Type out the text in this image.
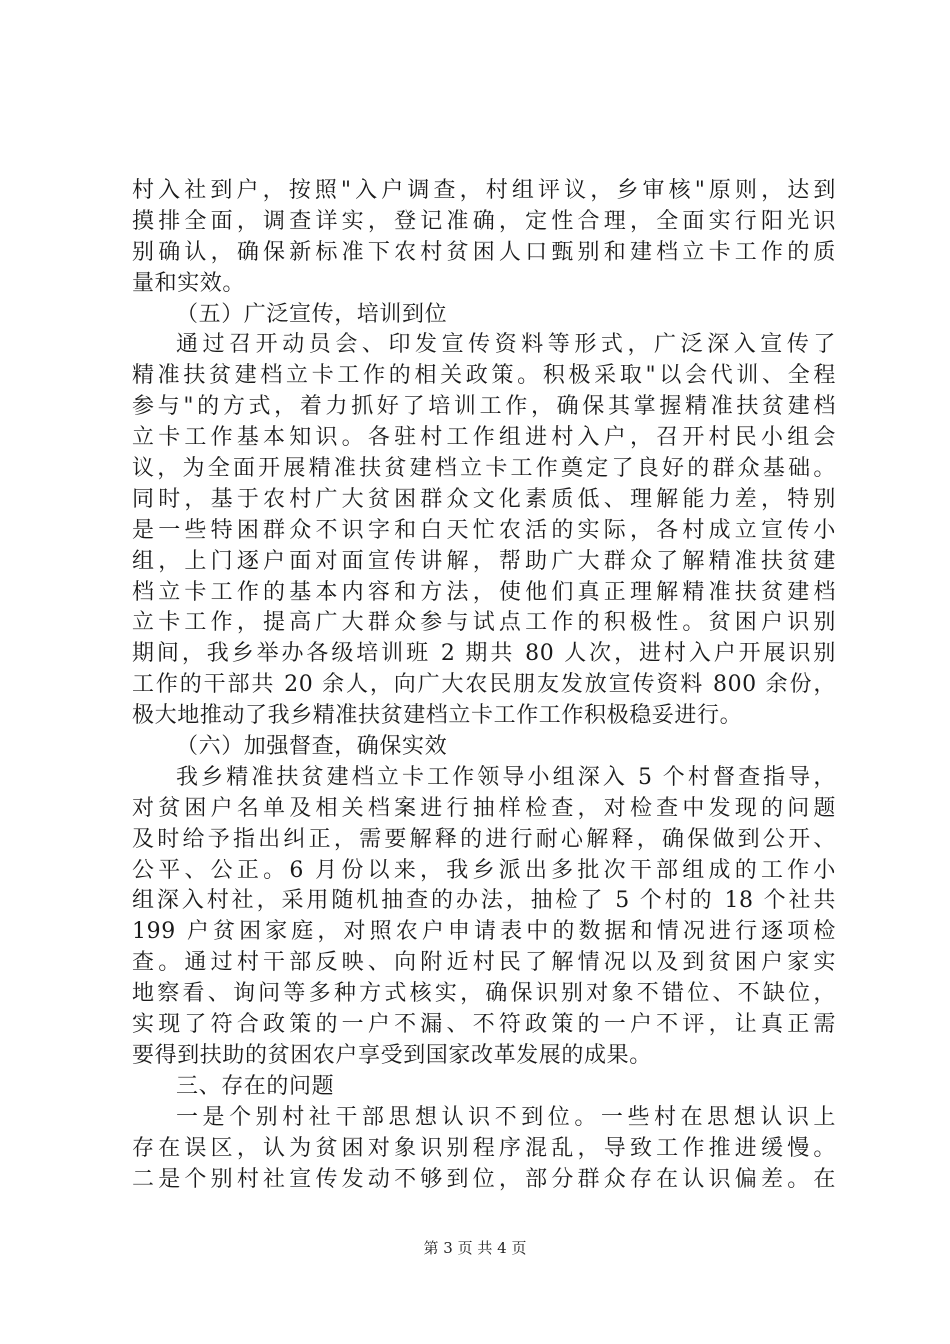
村入社到户，按照"入户调查，村组评议，乡审核"原则，达到
摸排全面，调查详实，登记准确，定性合理，全面实行阳光识
别确认，确保新标准下农村贫困人口甄别和建档立卡工作的质
量和实效。
（五）广泛宣传，培训到位
通过召开动员会、印发宣传资料等形式，广泛深入宣传了
精准扶贫建档立卡工作的相关政策。积极采取"以会代训、全程
参与"的方式，着力抓好了培训工作，确保其掌握精准扶贫建档
立卡工作基本知识。各驻村工作组进村入户，召开村民小组会
议，为全面开展精准扶贫建档立卡工作奠定了良好的群众基础。
同时，基于农村广大贫困群众文化素质低、理解能力差，特别
是一些特困群众不识字和白天忙农活的实际，各村成立宣传小
组，上门逐户面对面宣传讲解，帮助广大群众了解精准扶贫建
档立卡工作的基本内容和方法，使他们真正理解精准扶贫建档
立卡工作，提高广大群众参与试点工作的积极性。贫困户识别
期间，我乡举办各级培训班 2 期共 80 人次，进村入户开展识别
工作的干部共 20 余人，向广大农民朋友发放宣传资料 800 余份，
极大地推动了我乡精准扶贫建档立卡工作工作积极稳妥进行。
（六）加强督查，确保实效
我乡精准扶贫建档立卡工作领导小组深入 5 个村督查指导，
对贫困户名单及相关档案进行抽样检查，对检查中发现的问题
及时给予指出纠正，需要解释的进行耐心解释，确保做到公开、
公平、公正。6 月份以来，我乡派出多批次干部组成的工作小
组深入村社，采用随机抽查的办法，抽检了 5 个村的 18 个社共
199 户贫困家庭，对照农户申请表中的数据和情况进行逐项检
查。通过村干部反映、向附近村民了解情况以及到贫困户家实
地察看、询问等多种方式核实，确保识别对象不错位、不缺位，
实现了符合政策的一户不漏、不符政策的一户不评，让真正需
要得到扶助的贫困农户享受到国家改革发展的成果。
三、存在的问题
一是个别村社干部思想认识不到位。一些村在思想认识上
存在误区，认为贫困对象识别程序混乱，导致工作推进缓慢。
二是个别村社宣传发动不够到位，部分群众存在认识偏差。在
第 3 页 共 4 页
